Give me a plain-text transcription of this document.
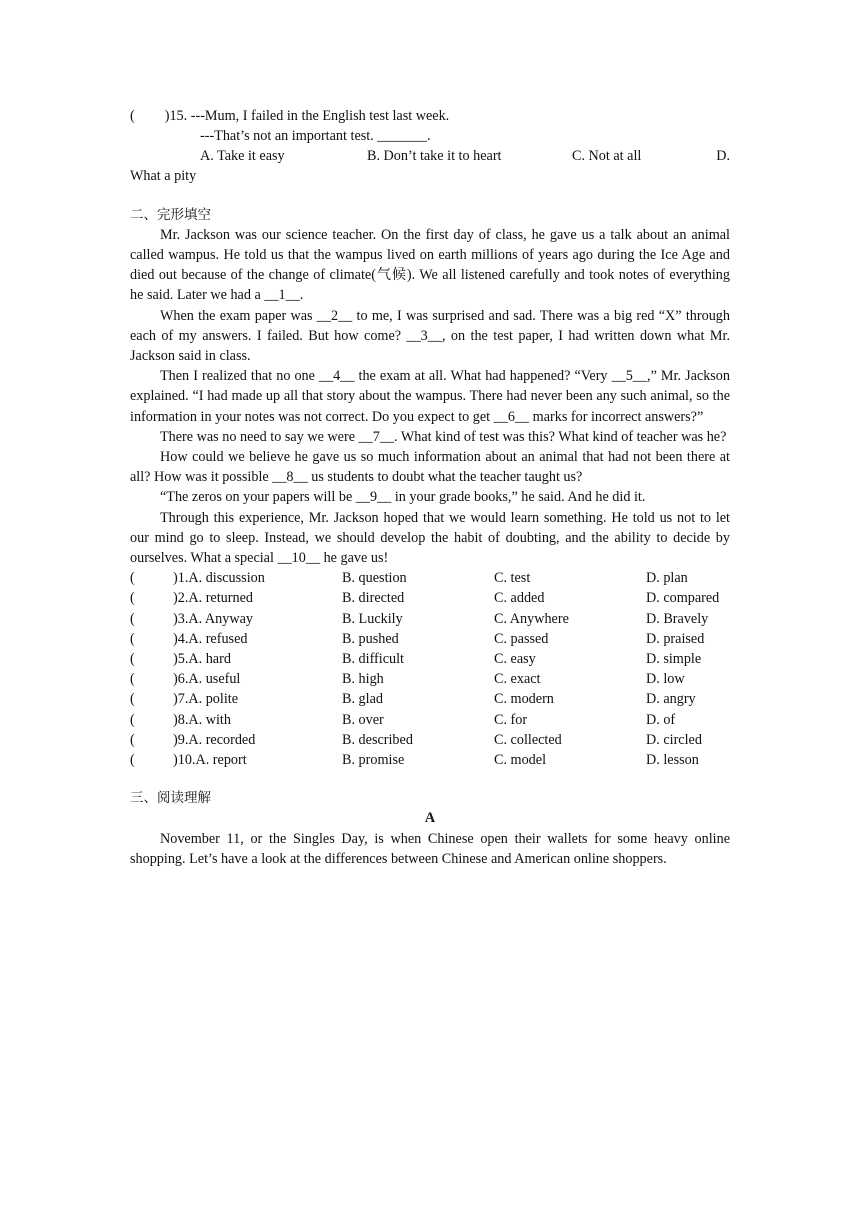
( )15. ---Mum, I failed in the English test last week.

---That’s not an important test. _______.

A. Take it easy	B. Don’t take it to heart	C. Not at all	D.

What a pity

二、完形填空

Mr. Jackson was our science teacher. On the first day of class, he gave us a talk about an animal called wampus. He told us that the wampus lived on earth millions of years ago during the Ice Age and died out because of the change of climate(气候). We all listened carefully and took notes of everything he said. Later we had a __1__.

When the exam paper was __2__ to me, I was surprised and sad. There was a big red “X” through each of my answers. I failed. But how come? __3__, on the test paper, I had written down what Mr. Jackson said in class.

Then I realized that no one __4__ the exam at all. What had happened? “Very __5__,” Mr. Jackson explained. “I had made up all that story about the wampus. There had never been any such animal, so the information in your notes was not correct. Do you expect to get __6__ marks for incorrect answers?”

There was no need to say we were __7__. What kind of test was this? What kind of teacher was he?

How could we believe he gave us so much information about an animal that had not been there at all? How was it possible __8__ us students to doubt what the teacher taught us?

“The zeros on your papers will be __9__ in your grade books,” he said. And he did it.

Through this experience, Mr. Jackson hoped that we would learn something. He told us not to let our mind go to sleep. Instead, we should develop the habit of doubting, and the ability to decide by ourselves. What a special __10__ he gave us!

(	)1.A. discussion	B. question	C. test	D. plan
(	)2.A. returned	B. directed	C. added	D. compared
(	)3.A. Anyway	B. Luckily	C. Anywhere	D. Bravely
(	)4.A. refused	B. pushed	C. passed	D. praised
(	)5.A. hard	B. difficult	C. easy	D. simple
(	)6.A. useful	B. high	C. exact	D. low
(	)7.A. polite	B. glad	C. modern	D. angry
(	)8.A. with	B. over	C. for	D. of
(	)9.A. recorded	B. described	C. collected	D. circled
(	)10.A. report	B. promise	C. model	D. lesson

三、阅读理解

A

November 11, or the Singles Day, is when Chinese open their wallets for some heavy online shopping. Let’s have a look at the differences between Chinese and American online shoppers.
